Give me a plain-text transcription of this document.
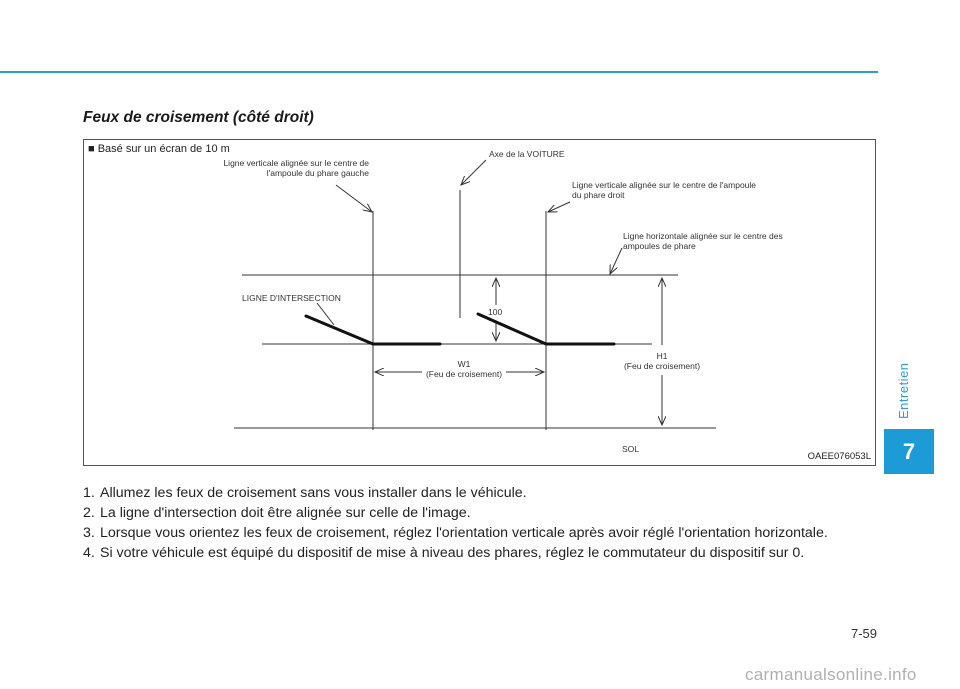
Feux de croisement (côté droit)
■ Basé sur un écran de 10 m
Ligne verticale alignée sur le centre de
l'ampoule du phare gauche
Axe de la VOITURE
Ligne verticale alignée sur le centre de l'ampoule
du phare droit
Ligne horizontale alignée sur le centre des
ampoules de phare
LIGNE D'INTERSECTION
100
W1
(Feu de croisement)
H1
(Feu de croisement)
SOL
OAEE076053L
1. Allumez les feux de croisement sans vous installer dans le véhicule.
2. La ligne d'intersection doit être alignée sur celle de l'image.
3. Lorsque vous orientez les feux de croisement, réglez l'orientation verticale après avoir réglé l'orientation horizontale.
4. Si votre véhicule est équipé du dispositif de mise à niveau des phares, réglez le commutateur du dispositif sur 0.
Entretien
7
7-59
carmanualsonline.info
